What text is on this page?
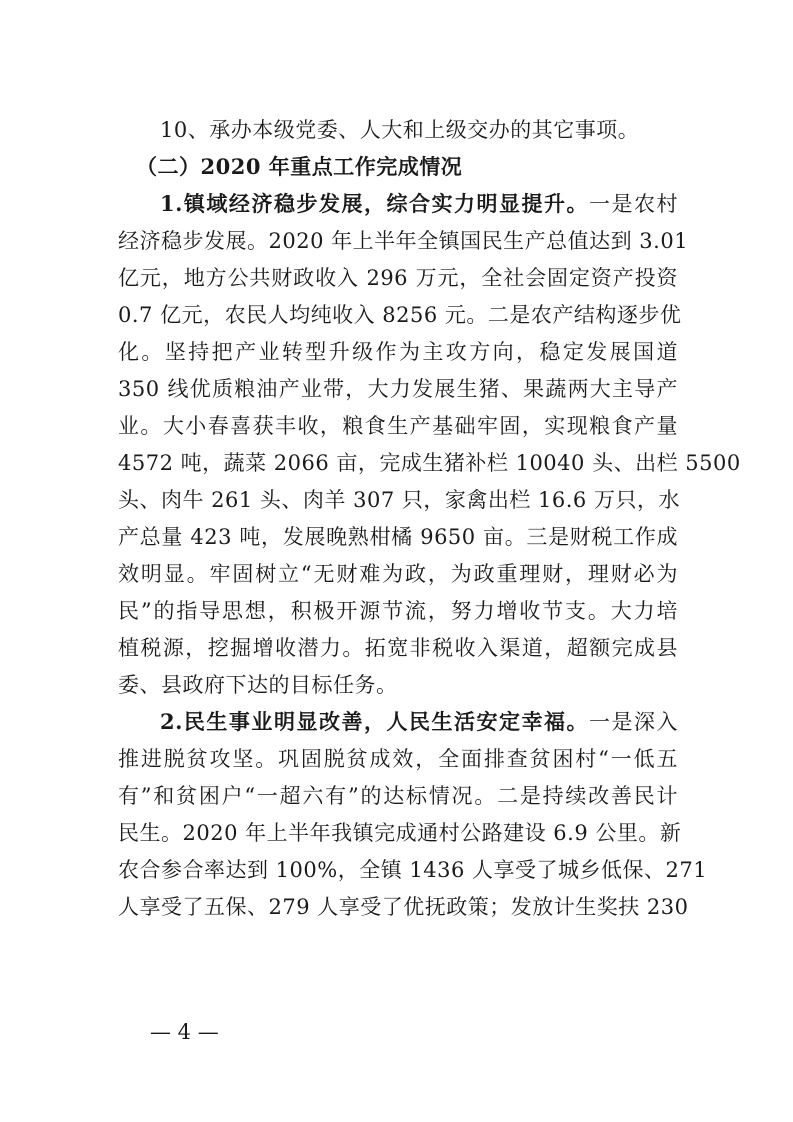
10、承办本级党委、人大和上级交办的其它事项。
（二）2020 年重点工作完成情况
1.镇域经济稳步发展，综合实力明显提升。一是农村
经济稳步发展。2020 年上半年全镇国民生产总值达到 3.01
亿元，地方公共财政收入 296 万元，全社会固定资产投资
0.7 亿元，农民人均纯收入 8256 元。二是农产结构逐步优
化。坚持把产业转型升级作为主攻方向，稳定发展国道
350 线优质粮油产业带，大力发展生猪、果蔬两大主导产
业。大小春喜获丰收，粮食生产基础牢固，实现粮食产量
4572 吨，蔬菜 2066 亩，完成生猪补栏 10040 头、出栏 5500
头、肉牛 261 头、肉羊 307 只，家禽出栏 16.6 万只，水
产总量 423 吨，发展晚熟柑橘 9650 亩。三是财税工作成
效明显。牢固树立“无财难为政，为政重理财，理财必为
民”的指导思想，积极开源节流，努力增收节支。大力培
植税源，挖掘增收潜力。拓宽非税收入渠道，超额完成县
委、县政府下达的目标任务。
2.民生事业明显改善，人民生活安定幸福。一是深入
推进脱贫攻坚。巩固脱贫成效，全面排查贫困村“一低五
有”和贫困户“一超六有”的达标情况。二是持续改善民计
民生。2020 年上半年我镇完成通村公路建设 6.9 公里。新
农合参合率达到 100%，全镇 1436 人享受了城乡低保、271
人享受了五保、279 人享受了优抚政策；发放计生奖扶 230
— 4 —
